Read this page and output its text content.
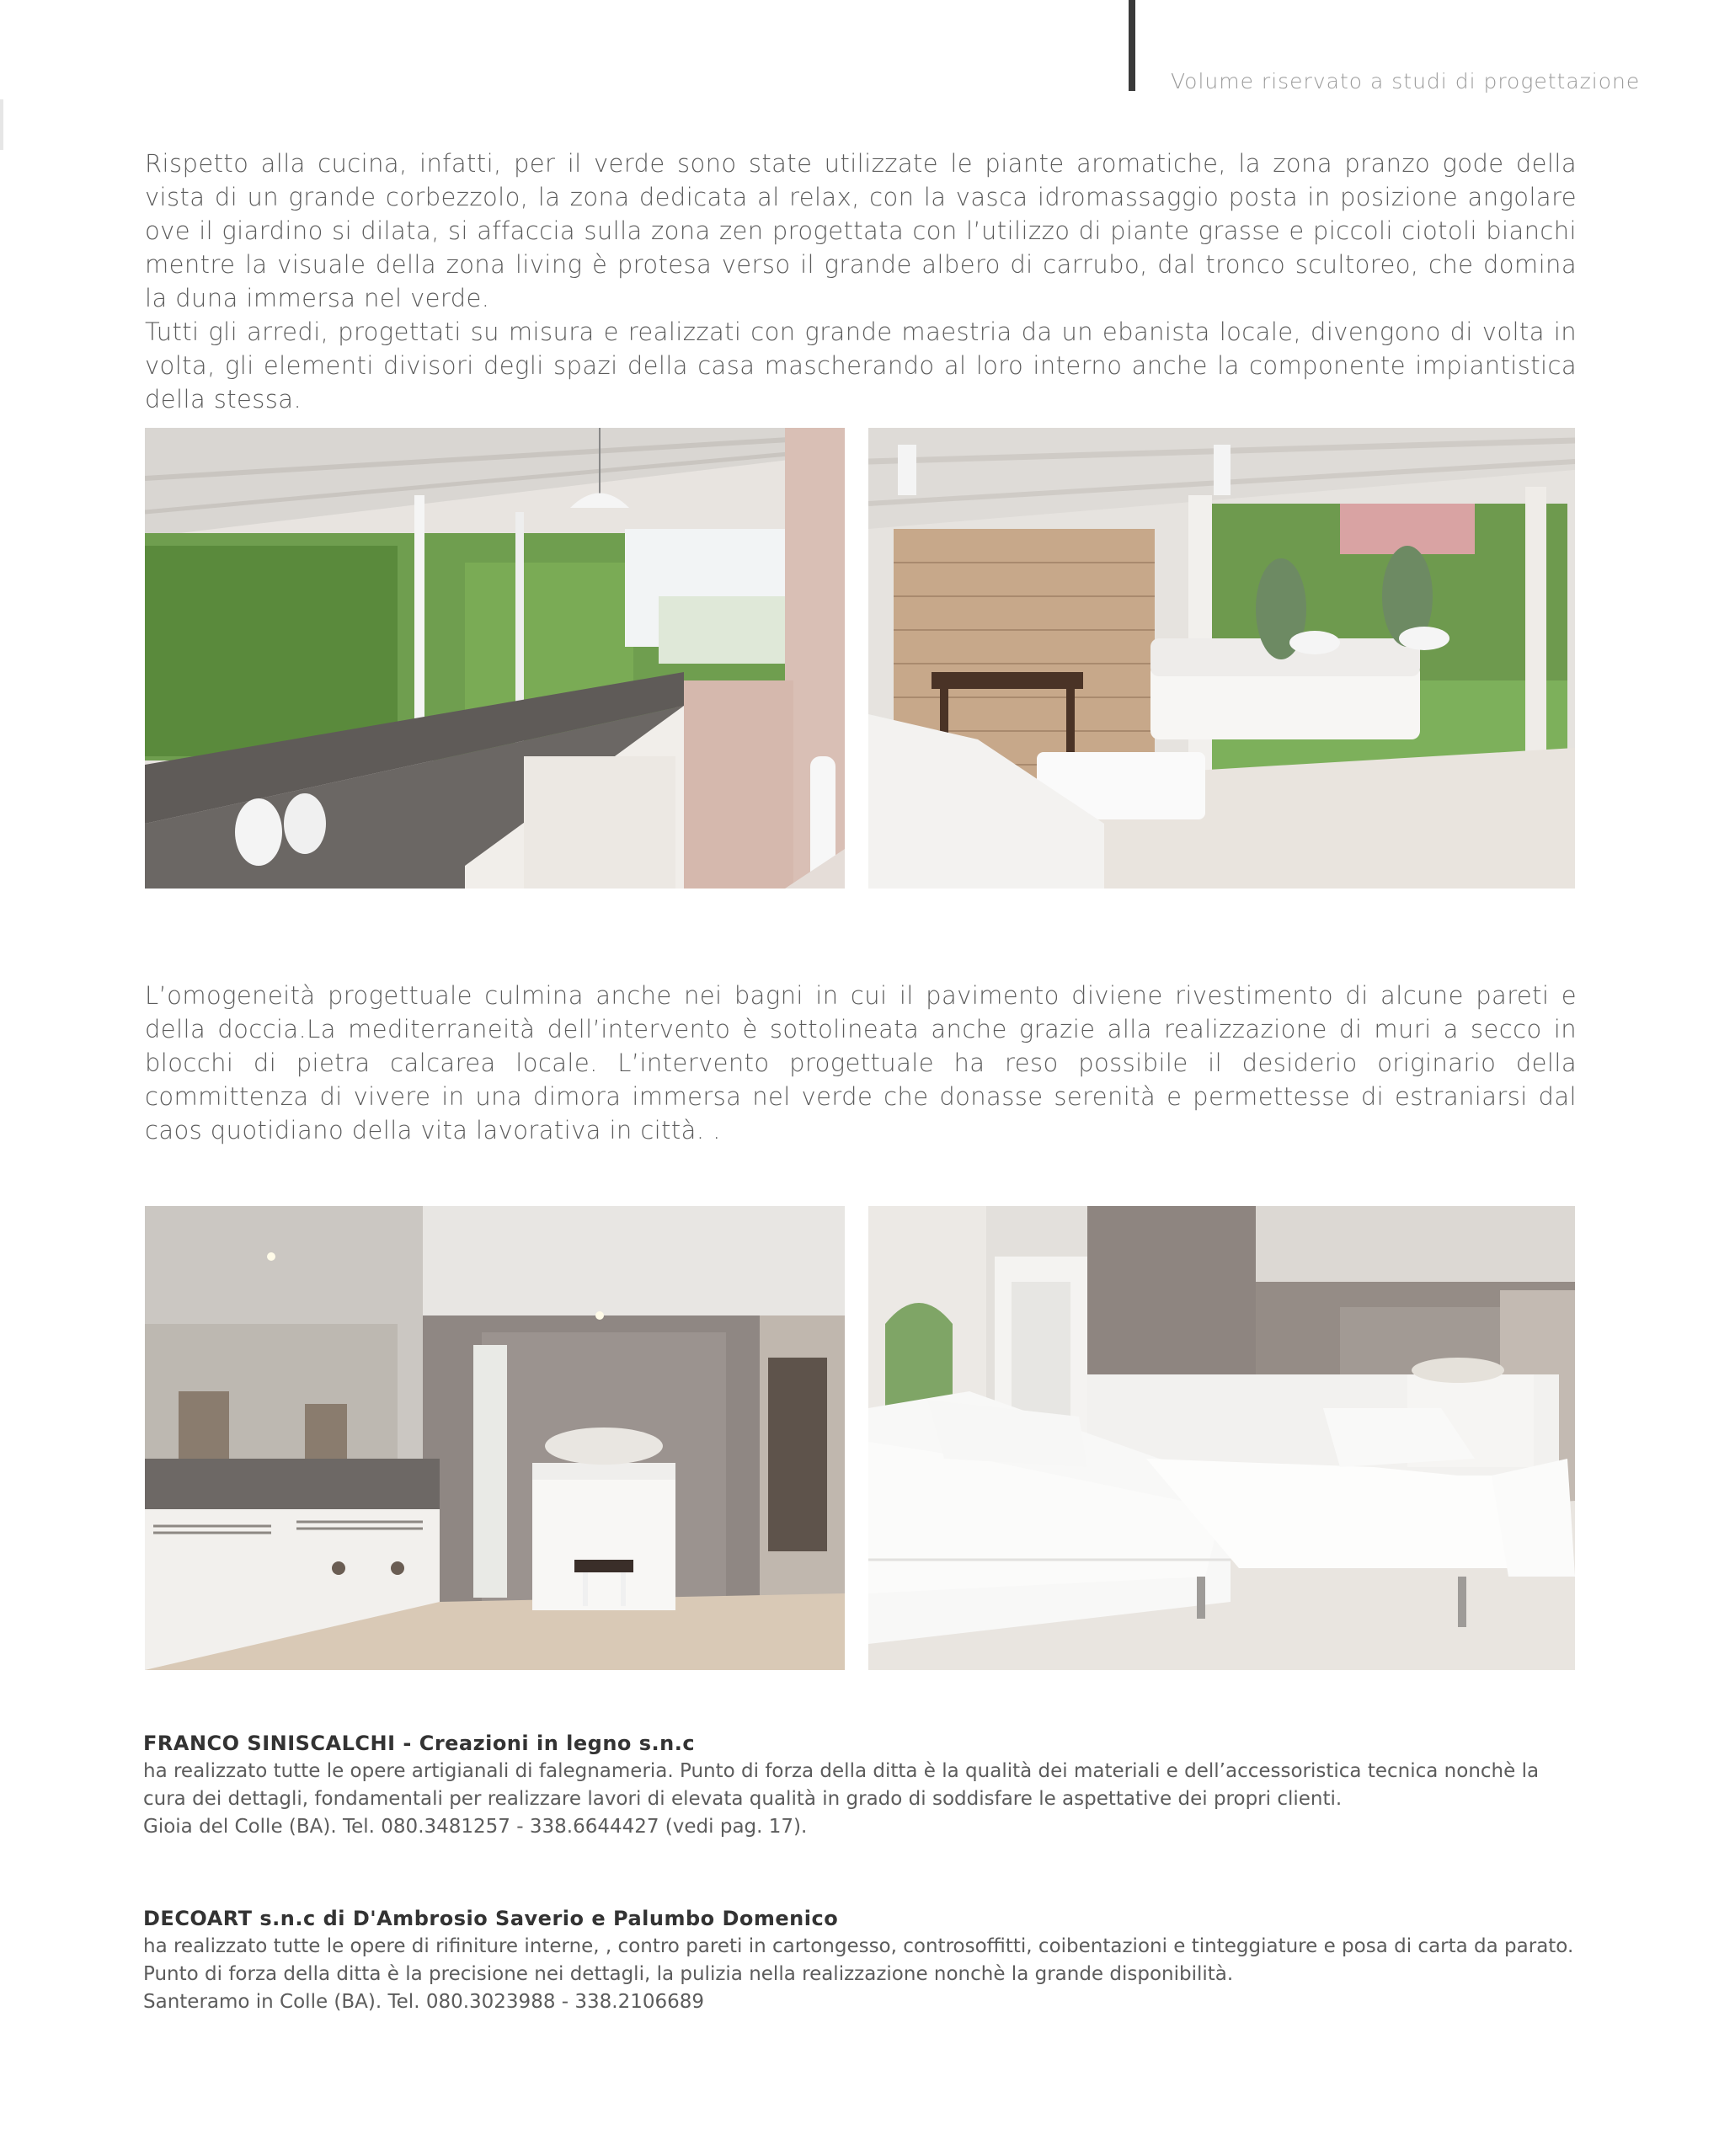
Volume riservato a studi di progettazione

Rispetto alla cucina, infatti, per il verde sono state utilizzate le piante aromatiche, la zona pranzo gode della vista di un grande corbezzolo, la zona dedicata al relax, con la vasca idromassaggio posta in posizione angolare ove il giardino si dilata, si affaccia sulla zona zen progettata con l’utilizzo di piante grasse e piccoli ciotoli bianchi mentre la visuale della zona living è protesa verso il grande albero di carrubo, dal tronco scultoreo, che domina la duna immersa nel verde.

Tutti gli arredi, progettati su misura e realizzati con grande maestria da un ebanista locale, divengono di volta in volta, gli elementi divisori degli spazi della casa mascherando al loro interno anche la componente impiantistica della stessa.

L’omogeneità progettuale culmina anche nei bagni in cui il pavimento diviene rivestimento di alcune pareti e della doccia.La mediterraneità dell’intervento è sottolineata anche grazie alla realizzazione di muri a secco in blocchi di pietra calcarea locale. L’intervento progettuale ha reso possibile il desiderio originario della committenza di vivere in una dimora immersa nel verde che donasse serenità e permettesse di estraniarsi dal caos quotidiano della vita lavorativa in città. .

FRANCO SINISCALCHI - Creazioni in legno s.n.c

ha realizzato tutte le opere artigianali di falegnameria. Punto di forza della ditta è la qualità dei materiali e dell’accessoristica tecnica nonchè la cura dei dettagli, fondamentali per realizzare lavori di elevata qualità in grado di soddisfare le aspettative dei propri clienti.

Gioia del Colle (BA). Tel. 080.3481257 - 338.6644427 (vedi pag. 17).

DECOART s.n.c di D'Ambrosio Saverio e Palumbo Domenico

ha realizzato tutte le opere di rifiniture interne, , contro pareti in cartongesso, controsoffitti, coibentazioni e tinteggiature e posa di carta da parato.

Punto di forza della ditta è la precisione nei dettagli, la pulizia nella realizzazione nonchè la grande disponibilità.

Santeramo in Colle (BA). Tel. 080.3023988 - 338.2106689
